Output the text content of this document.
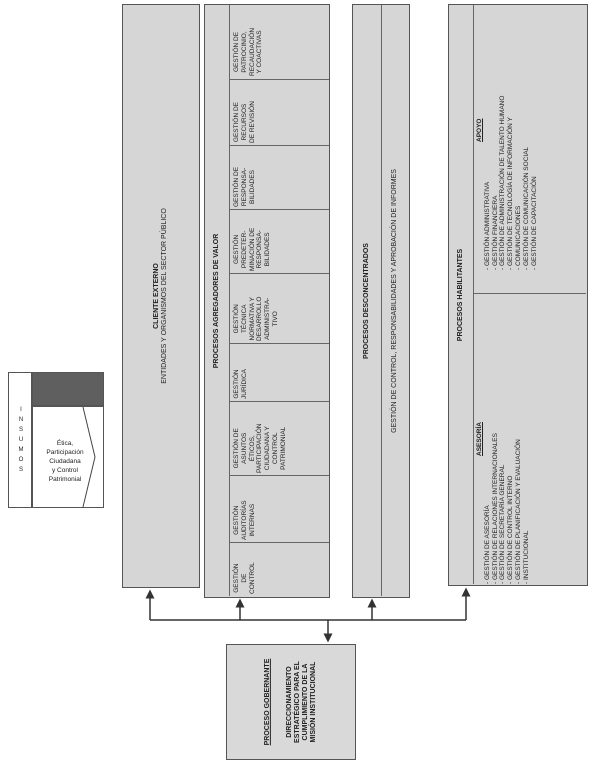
I
N
S
U
M
O
S
Ética,
Participación
Ciudadana
y Control
Patrimonial
CLIENTE EXTERNO ENTIDADES Y ORGANISMOS DEL SECTOR PÚBLICO	PROCESOS AGREGADORES DE VALOR
GESTIÓN DE CONTROL
GESTIÓN AUDITORÍAS INTERNAS
GESTIÓN DE ASUNTOS ÉTICOS, PARTICIPACIÓN CIUDADANA Y CONTROL PATRIMONIAL
GESTIÓN JURÍDICA
GESTIÓN TÉCNICA NORMATIVA Y DESARROLLO ADMINISTRA- TIVO
GESTIÓN PREDETER- MINACIÓN DE RESPONSA- BILIDADES
GESTIÓN DE RESPONSA- BILIDADES
GESTIÓN DE RECURSOS DE REVISIÓN
GESTIÓN DE PATROCINIO, RECAUDACIÓN Y COACTIVAS
PROCESOS DESCONCENTRADOS	GESTIÓN DE CONTROL, RESPONSABILIDADES Y APROBACIÓN DE INFORMES	PROCESOS HABILITANTES
APOYO
- GESTIÓN ADMINISTRATIVA - GESTIÓN FINANCIERA - GESTIÓN DE ADMINISTRACIÓN DE TALENTO HUMANO - GESTIÓN DE TECNOLOGÍA DE INFORMACIÓN Y - COMUNICACIONES - GESTIÓN DE COMUNICACIÓN SOCIAL - GESTIÓN DE CAPACITACIÓN
ASESORÍA
- GESTIÓN DE ASESORÍA - GESTIÓN DE RELACIONES INTERNACIONALES - GESTIÓN DE SECRETARÍA GENERAL - GESTIÓN DE CONTROL INTERNO - GESTIÓN DE PLANIFICACIÓN Y EVALUACIÓN - INSTITUCIONAL
PROCESO GOBERNANTE DIRECCIONAMIENTO ESTRATÉGICO PARA EL CUMPLIMIENTO DE LA MISIÓN INSTITUCIONAL
